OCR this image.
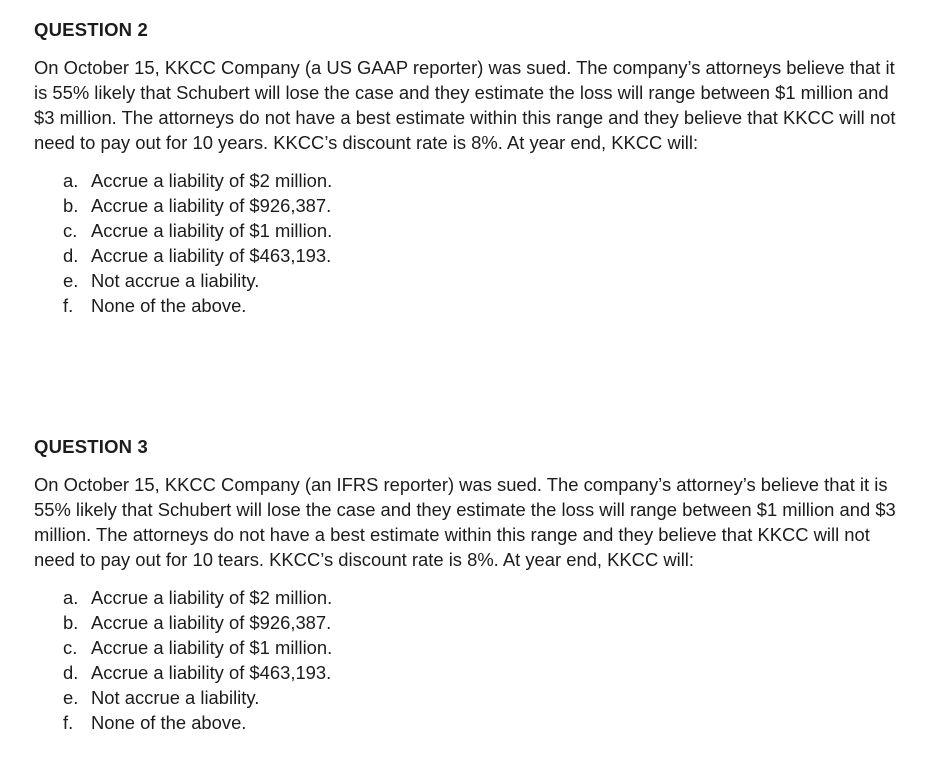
QUESTION 2

On October 15, KKCC Company (a US GAAP reporter) was sued. The company’s attorneys believe that it is 55% likely that Schubert will lose the case and they estimate the loss will range between $1 million and $3 million. The attorneys do not have a best estimate within this range and they believe that KKCC will not need to pay out for 10 years. KKCC’s discount rate is 8%. At year end, KKCC will:

a. Accrue a liability of $2 million.
b. Accrue a liability of $926,387.
c. Accrue a liability of $1 million.
d. Accrue a liability of $463,193.
e. Not accrue a liability.
f. None of the above.
QUESTION 3

On October 15, KKCC Company (an IFRS reporter) was sued. The company’s attorney’s believe that it is 55% likely that Schubert will lose the case and they estimate the loss will range between $1 million and $3 million. The attorneys do not have a best estimate within this range and they believe that KKCC will not need to pay out for 10 tears. KKCC’s discount rate is 8%. At year end, KKCC will:

a. Accrue a liability of $2 million.
b. Accrue a liability of $926,387.
c. Accrue a liability of $1 million.
d. Accrue a liability of $463,193.
e. Not accrue a liability.
f. None of the above.
